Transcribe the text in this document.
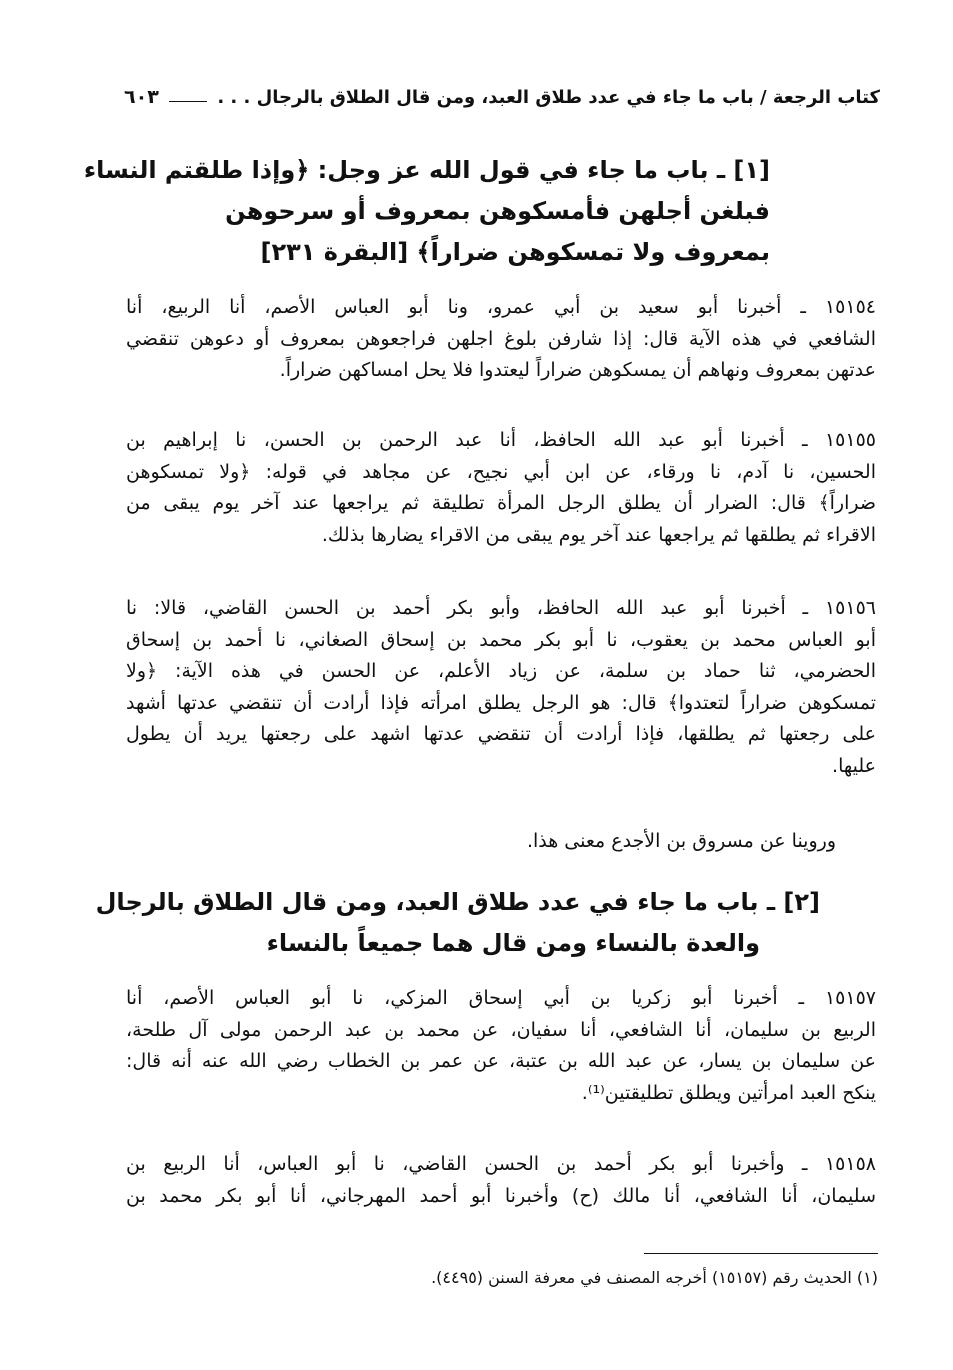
كتاب الرجعة / باب ما جاء في عدد طلاق العبد، ومن قال الطلاق بالرجال . . .
٦٠٣
[١] ـ باب ما جاء في قول الله عز وجل: ﴿وإذا طلقتم النساء
فبلغن أجلهن فأمسكوهن بمعروف أو سرحوهن
بمعروف ولا تمسكوهن ضراراً﴾ [البقرة ٢٣١]

١٥١٥٤ ـ أخبرنا أبو سعيد بن أبي عمرو، ونا أبو العباس الأصم، أنا الربيع، أنا
الشافعي في هذه الآية قال: إذا شارفن بلوغ اجلهن فراجعوهن بمعروف أو دعوهن تنقضي
عدتهن بمعروف ونهاهم أن يمسكوهن ضراراً ليعتدوا فلا يحل امساكهن ضراراً.

١٥١٥٥ ـ أخبرنا أبو عبد الله الحافظ، أنا عبد الرحمن بن الحسن، نا إبراهيم بن
الحسين، نا آدم، نا ورقاء، عن ابن أبي نجيح، عن مجاهد في قوله: ﴿ولا تمسكوهن
ضراراً﴾ قال: الضرار أن يطلق الرجل المرأة تطليقة ثم يراجعها عند آخر يوم يبقى من
الاقراء ثم يطلقها ثم يراجعها عند آخر يوم يبقى من الاقراء يضارها بذلك.

١٥١٥٦ ـ أخبرنا أبو عبد الله الحافظ، وأبو بكر أحمد بن الحسن القاضي، قالا: نا
أبو العباس محمد بن يعقوب، نا أبو بكر محمد بن إسحاق الصغاني، نا أحمد بن إسحاق
الحضرمي، ثنا حماد بن سلمة، عن زياد الأعلم، عن الحسن في هذه الآية: ﴿ولا
تمسكوهن ضراراً لتعتدوا﴾ قال: هو الرجل يطلق امرأته فإذا أرادت أن تنقضي عدتها أشهد
على رجعتها ثم يطلقها، فإذا أرادت أن تنقضي عدتها اشهد على رجعتها يريد أن يطول
عليها.

وروينا عن مسروق بن الأجدع معنى هذا.

[٢] ـ باب ما جاء في عدد طلاق العبد، ومن قال الطلاق بالرجال
والعدة بالنساء ومن قال هما جميعاً بالنساء

١٥١٥٧ ـ أخبرنا أبو زكريا بن أبي إسحاق المزكي، نا أبو العباس الأصم، أنا
الربيع بن سليمان، أنا الشافعي، أنا سفيان، عن محمد بن عبد الرحمن مولى آل طلحة،
عن سليمان بن يسار، عن عبد الله بن عتبة، عن عمر بن الخطاب رضي الله عنه أنه قال:
ينكح العبد امرأتين ويطلق تطليقتين⁽¹⁾.

١٥١٥٨ ـ وأخبرنا أبو بكر أحمد بن الحسن القاضي، نا أبو العباس، أنا الربيع بن
سليمان، أنا الشافعي، أنا مالك (ح) وأخبرنا أبو أحمد المهرجاني، أنا أبو بكر محمد بن

(١) الحديث رقم (١٥١٥٧) أخرجه المصنف في معرفة السنن (٤٤٩٥).
